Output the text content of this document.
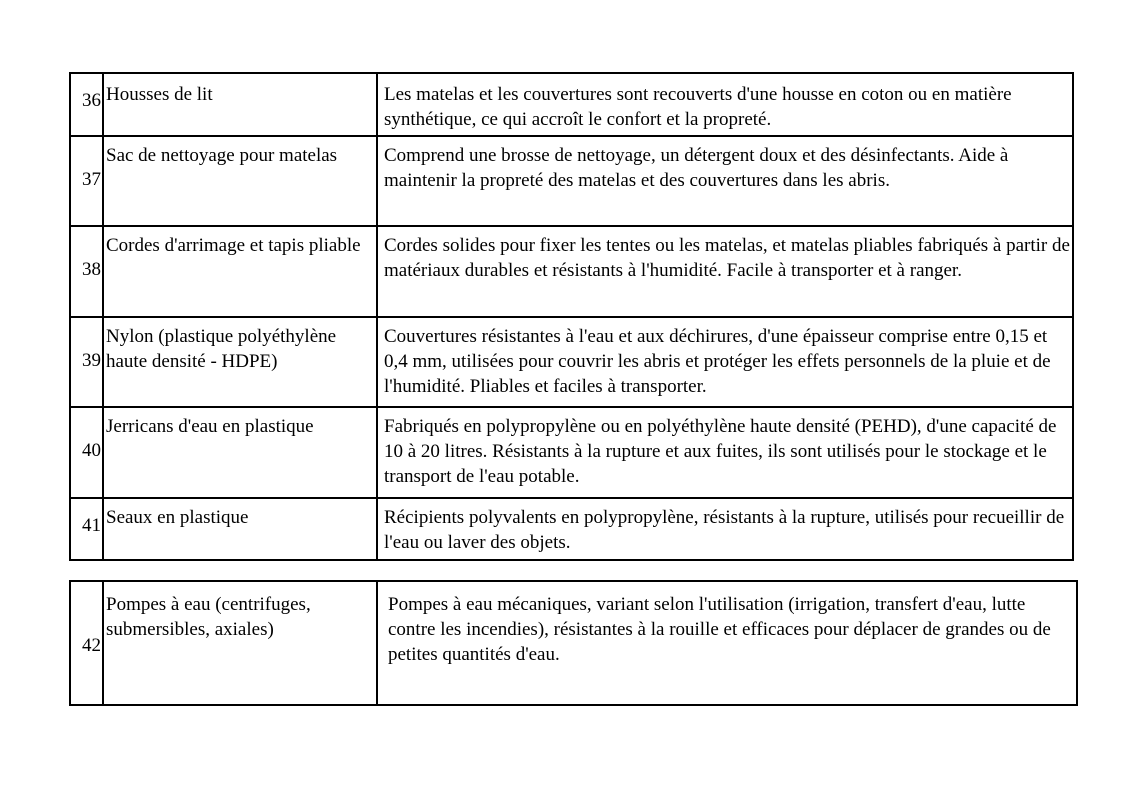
36	Housses de lit	Les matelas et les couvertures sont recouverts d'une housse en coton ou en matière synthétique, ce qui accroît le confort et la propreté.
37	Sac de nettoyage pour matelas	Comprend une brosse de nettoyage, un détergent doux et des désinfectants. Aide à maintenir la propreté des matelas et des couvertures dans les abris.
38	Cordes d'arrimage et tapis pliable	Cordes solides pour fixer les tentes ou les matelas, et matelas pliables fabriqués à partir de matériaux durables et résistants à l'humidité. Facile à transporter et à ranger.
39	Nylon (plastique polyéthylène haute densité - HDPE)	Couvertures résistantes à l'eau et aux déchirures, d'une épaisseur comprise entre 0,15 et 0,4 mm, utilisées pour couvrir les abris et protéger les effets personnels de la pluie et de l'humidité. Pliables et faciles à transporter.
40	Jerricans d'eau en plastique	Fabriqués en polypropylène ou en polyéthylène haute densité (PEHD), d'une capacité de 10 à 20 litres. Résistants à la rupture et aux fuites, ils sont utilisés pour le stockage et le transport de l'eau potable.
41	Seaux en plastique	Récipients polyvalents en polypropylène, résistants à la rupture, utilisés pour recueillir de l'eau ou laver des objets.
42	Pompes à eau (centrifuges, submersibles, axiales)	Pompes à eau mécaniques, variant selon l'utilisation (irrigation, transfert d'eau, lutte contre les incendies), résistantes à la rouille et efficaces pour déplacer de grandes ou de petites quantités d'eau.
